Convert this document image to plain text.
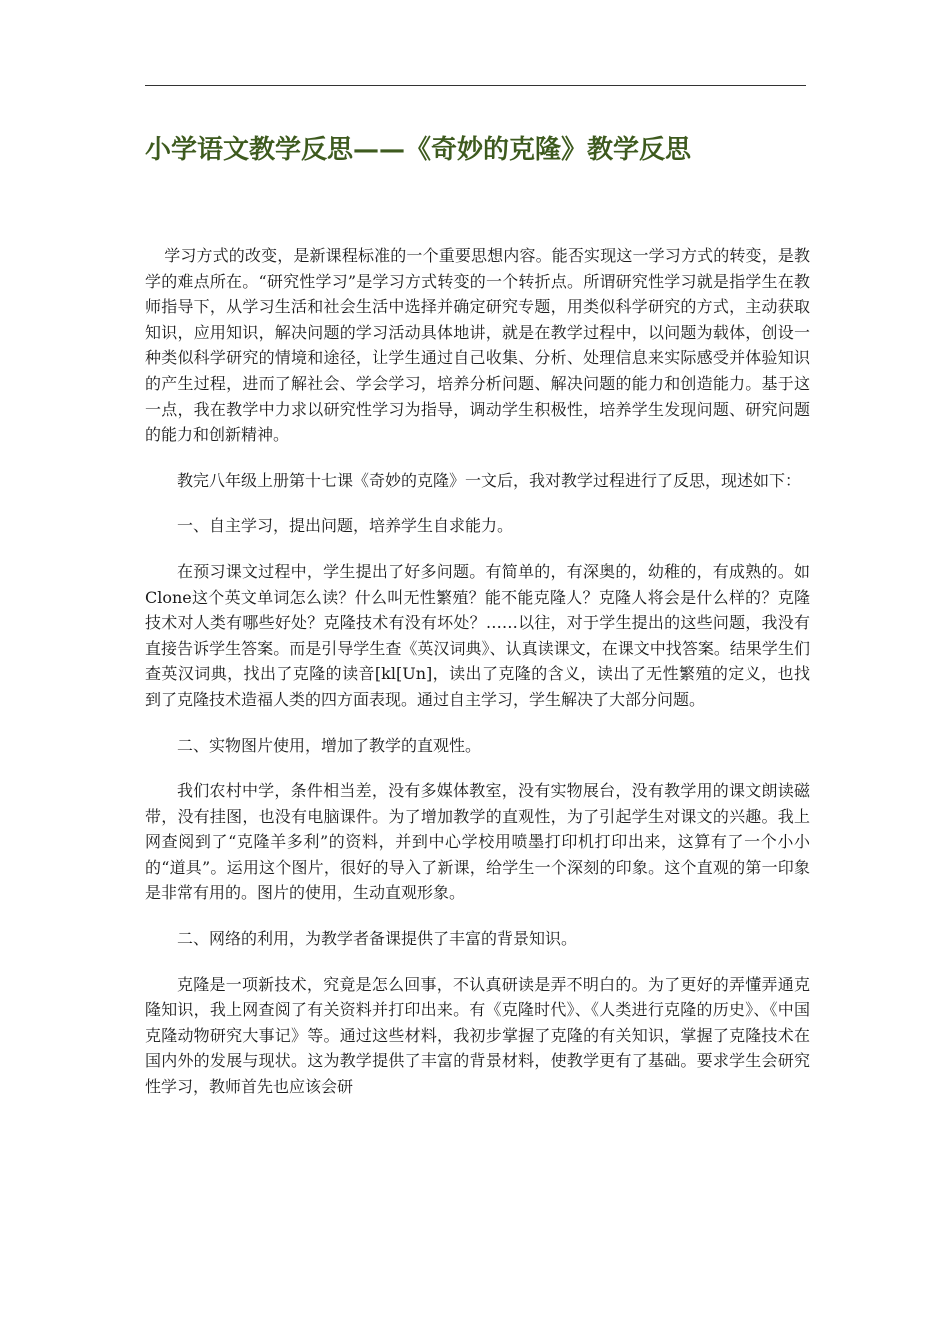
小学语文教学反思——《奇妙的克隆》教学反思

学习方式的改变，是新课程标准的一个重要思想内容。能否实现这一学习方式的转变，是教学的难点所在。“研究性学习”是学习方式转变的一个转折点。所谓研究性学习就是指学生在教师指导下，从学习生活和社会生活中选择并确定研究专题，用类似科学研究的方式，主动获取知识，应用知识，解决问题的学习活动具体地讲，就是在教学过程中，以问题为载体，创设一种类似科学研究的情境和途径，让学生通过自己收集、分析、处理信息来实际感受并体验知识的产生过程，进而了解社会、学会学习，培养分析问题、解决问题的能力和创造能力。基于这一点，我在教学中力求以研究性学习为指导，调动学生积极性，培养学生发现问题、研究问题的能力和创新精神。

教完八年级上册第十七课《奇妙的克隆》一文后，我对教学过程进行了反思，现述如下：

一、自主学习，提出问题，培养学生自求能力。

在预习课文过程中，学生提出了好多问题。有简单的，有深奥的，幼稚的，有成熟的。如Clone这个英文单词怎么读？什么叫无性繁殖？能不能克隆人？克隆人将会是什么样的？克隆技术对人类有哪些好处？克隆技术有没有坏处？……以往，对于学生提出的这些问题，我没有直接告诉学生答案。而是引导学生查《英汉词典》、认真读课文，在课文中找答案。结果学生们查英汉词典，找出了克隆的读音[kl[Un]，读出了克隆的含义，读出了无性繁殖的定义，也找到了克隆技术造福人类的四方面表现。通过自主学习，学生解决了大部分问题。

二、实物图片使用，增加了教学的直观性。

我们农村中学，条件相当差，没有多媒体教室，没有实物展台，没有教学用的课文朗读磁带，没有挂图，也没有电脑课件。为了增加教学的直观性，为了引起学生对课文的兴趣。我上网查阅到了“克隆羊多利”的资料，并到中心学校用喷墨打印机打印出来，这算有了一个小小的“道具”。运用这个图片，很好的导入了新课，给学生一个深刻的印象。这个直观的第一印象是非常有用的。图片的使用，生动直观形象。

二、网络的利用，为教学者备课提供了丰富的背景知识。

克隆是一项新技术，究竟是怎么回事，不认真研读是弄不明白的。为了更好的弄懂弄通克隆知识，我上网查阅了有关资料并打印出来。有《克隆时代》、《人类进行克隆的历史》、《中国克隆动物研究大事记》等。通过这些材料，我初步掌握了克隆的有关知识，掌握了克隆技术在国内外的发展与现状。这为教学提供了丰富的背景材料，使教学更有了基础。要求学生会研究性学习，教师首先也应该会研
